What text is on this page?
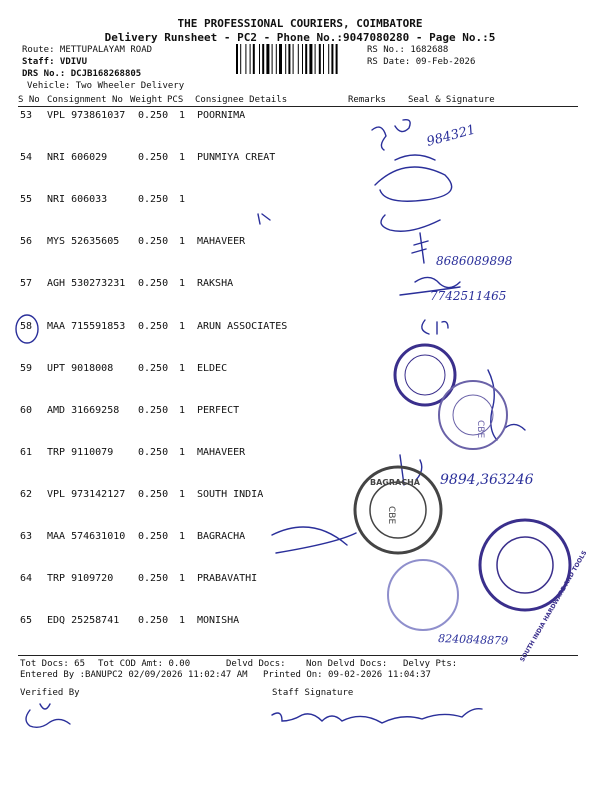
THE PROFESSIONAL COURIERS, COIMBATORE
Delivery Runsheet - PC2 - Phone No.:9047080280 - Page No.:5
Route: METTUPALAYAM ROAD
Staff: VDIVU
DRS No.: DCJB168268805
Vehicle: Two Wheeler Delivery
RS No.: 1682688
RS Date: 09-Feb-2026
S No Consignment No Weight PCS Consignee Details	Remarks Seal & Signature
53 VPL 973861037 0.250 1 POORNIMA
54 NRI 606029	0.250 1 PUNMIYA CREAT
55 NRI 606033	0.250 1
56 MYS 52635605 0.250 1 MAHAVEER
57 AGH 530273231 0.250 1 RAKSHA
58 MAA 715591853 0.250 1 ARUN ASSOCIATES
59 UPT 9018008 0.250 1 ELDEC
60 AMD 31669258 0.250 1 PERFECT
61 TRP 9110079 0.250 1 MAHAVEER
62 VPL 973142127 0.250 1 SOUTH INDIA
63 MAA 574631010 0.250 1 BAGRACHA
64 TRP 9109720 0.250 1 PRABAVATHI
65 EDQ 25258741 0.250 1 MONISHA
Tot Docs: 65 Tot COD Amt: 0.00	Delvd Docs: Non Delvd Docs: Delvy Pts:
Entered By :BANUPC2 02/09/2026 11:02:47 AM Printed On: 09-02-2026 11:04:37
Verified By	Staff Signature
984321
8686089898
7742511465
9894,363246
8240848879
CBE
BAGRACHA
CBE
SOUTH INDIA HARDWARE AND TOOLS
